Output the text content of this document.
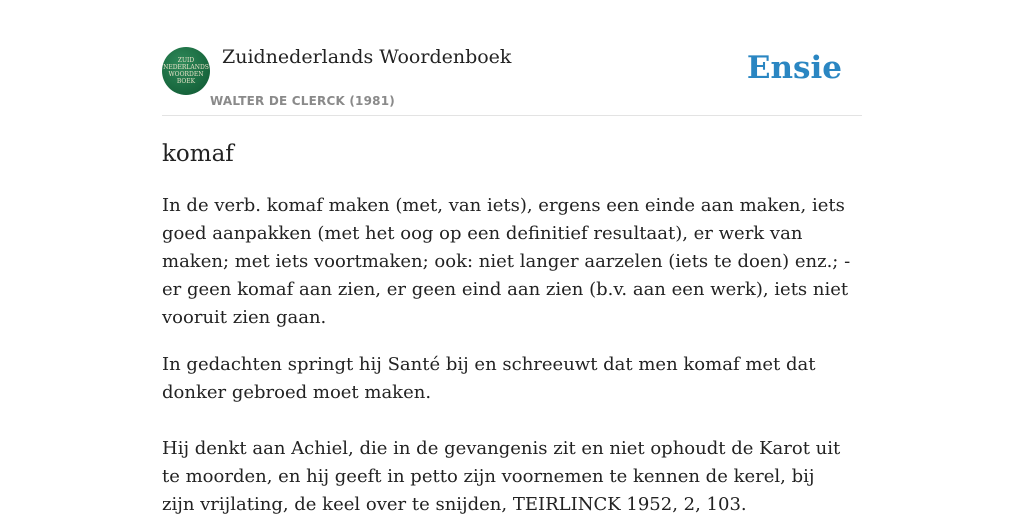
ZUID
NEDERLANDS
WOORDEN
BOEK
Zuidnederlands Woordenboek
WALTER DE CLERCK (1981)
Ensie
komaf

In de verb. komaf maken (met, van iets), ergens een einde aan maken, iets goed aanpakken (met het oog op een definitief resultaat), er werk van maken; met iets voortmaken; ook: niet langer aarzelen (iets te doen) enz.; - er geen komaf aan zien, er geen eind aan zien (b.v. aan een werk), iets niet vooruit zien gaan.

In gedachten springt hij Santé bij en schreeuwt dat men komaf met dat donker gebroed moet maken.

Hij denkt aan Achiel, die in de gevangenis zit en niet ophoudt de Karot uit te moorden, en hij geeft in petto zijn voornemen te kennen de kerel, bij zijn vrijlating, de keel over te snijden, TEIRLINCK 1952, 2, 103.
